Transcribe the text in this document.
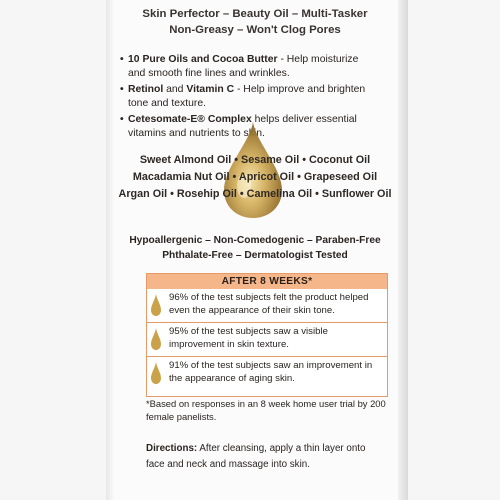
Skin Perfector – Beauty Oil – Multi-Tasker
Non-Greasy – Won't Clog Pores
• 10 Pure Oils and Cocoa Butter - Help moisturize and smooth fine lines and wrinkles.
• Retinol and Vitamin C - Help improve and brighten tone and texture.
• Cetesomate-E® Complex helps deliver essential vitamins and nutrients to skin.
Sweet Almond Oil • Sesame Oil • Coconut Oil
Macadamia Nut Oil • Apricot Oil • Grapeseed Oil
Argan Oil • Rosehip Oil • Camelina Oil • Sunflower Oil
Hypoallergenic – Non-Comedogenic – Paraben-Free
Phthalate-Free – Dermatologist Tested
AFTER 8 WEEKS*
96% of the test subjects felt the product helped even the appearance of their skin tone.
95% of the test subjects saw a visible improvement in skin texture.
91% of the test subjects saw an improvement in the appearance of aging skin.
*Based on responses in an 8 week home user trial by 200 female panelists.
Directions: After cleansing, apply a thin layer onto face and neck and massage into skin.
